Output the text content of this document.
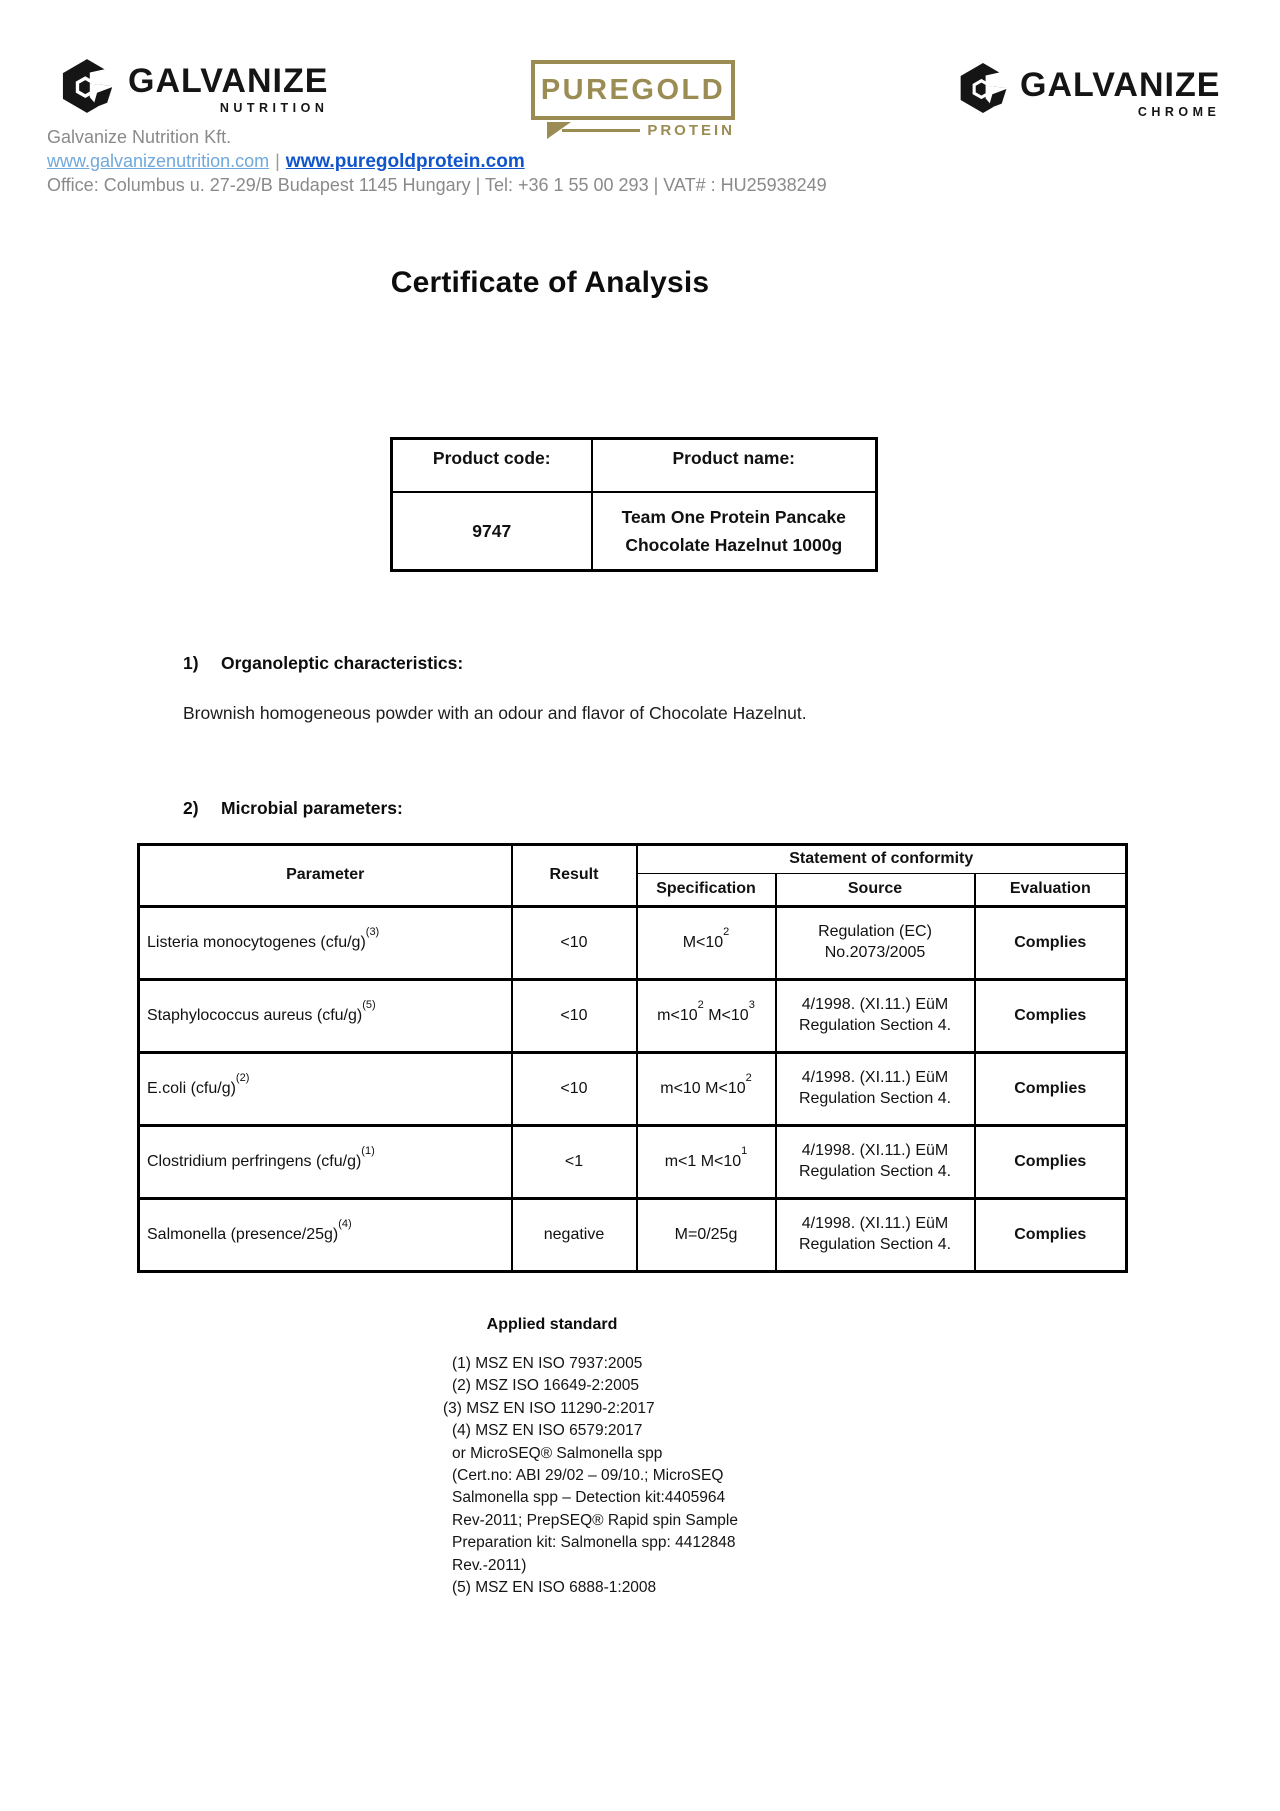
GALVANIZE
NUTRITION
PUREGOLD
PROTEIN
GALVANIZE
CHROME
Galvanize Nutrition Kft.
www.galvanizenutrition.com | www.puregoldprotein.com
Office: Columbus u. 27-29/B Budapest 1145 Hungary | Tel: +36 1 55 00 293 | VAT# : HU25938249
Certificate of Analysis
Product code:	Product name:
9747	Team One Protein Pancake
Chocolate Hazelnut 1000g
1)	Organoleptic characteristics:
Brownish homogeneous powder with an odour and flavor of Chocolate Hazelnut.
2)	Microbial parameters:
Parameter	Result	Statement of conformity		
		Specification	Source	Evaluation
Listeria monocytogenes $(cfu/g)^{(3)}$	<10	$M<10^2$	Regulation (EC) No.2073/2005	Complies
Staphylococcus aureus $(cfu/g)^{(5)}$	<10	$m<10^2$ $M<10^3$	4/1998. (XI.11.) EüM Regulation Section 4.	Complies
E.coli $(cfu/g)^{(2)}$	<10	m<10 $M<10^2$	4/1998. (XI.11.) EüM Regulation Section 4.	Complies
Clostridium perfringens $(cfu/g)^{(1)}$	<1	m<1 $M<10^1$	4/1998. (XI.11.) EüM Regulation Section 4.	Complies
Salmonella (presence/25g)$^{(4)}$	negative	M=0/25g	4/1998. (XI.11.) EüM Regulation Section 4.	Complies
Applied standard
(1) MSZ EN ISO 7937:2005
(2) MSZ ISO 16649-2:2005
(3) MSZ EN ISO 11290-2:2017
(4) MSZ EN ISO 6579:2017
or MicroSEQ® Salmonella spp
(Cert.no: ABI 29/02 – 09/10.; MicroSEQ
Salmonella spp – Detection kit:4405964
Rev-2011; PrepSEQ® Rapid spin Sample
Preparation kit: Salmonella spp: 4412848
Rev.-2011)
(5) MSZ EN ISO 6888-1:2008
